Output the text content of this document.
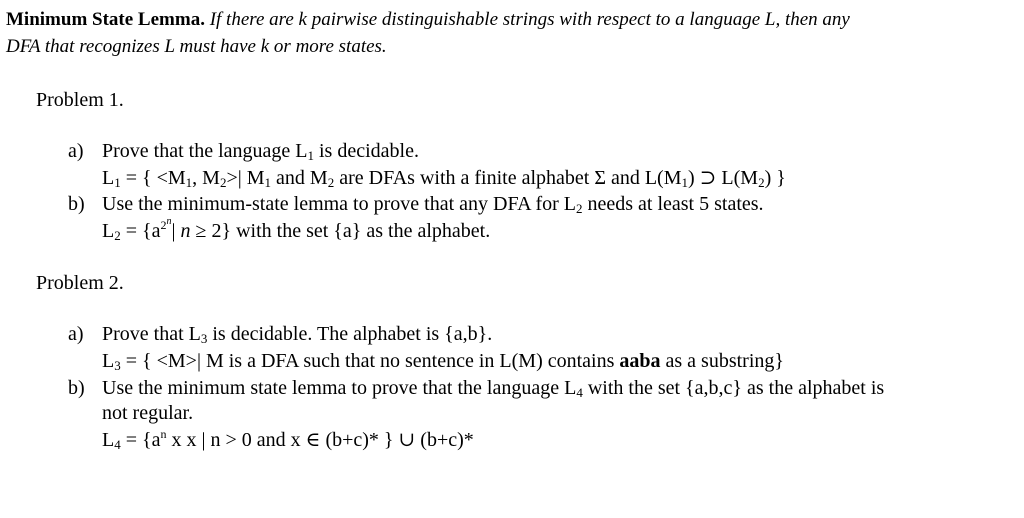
Minimum State Lemma. If there are k pairwise distinguishable strings with respect to a language L, then any
DFA that recognizes L must have k or more states.
Problem 1.
a) Prove that the language $L_1$ is decidable.
$L_1$ = { $<M_1$, $M_2>|$ $M_1$ and $M_2$ are DFAs with a finite alphabet Σ and $L(M_1)$ ⊃ $L(M_2)$ }
b) Use the minimum-state lemma to prove that any DFA for $L_2$ needs at least 5 states.
$L_2 = \{a^{2^n}|$ n ≥ 2} with the set {a} as the alphabet.
Problem 2.
a) Prove that $L_3$ is decidable. The alphabet is {a,b}.
$L_3$ = { <M>| M is a DFA such that no sentence in L(M) contains aaba as a substring}
b) Use the minimum state lemma to prove that the language $L_4$ with the set {a,b,c} as the alphabet is
not regular.
$L_4 = \{a^n$ x x | n > 0 and x ∈ (b+c)* } ∪ (b+c)*
